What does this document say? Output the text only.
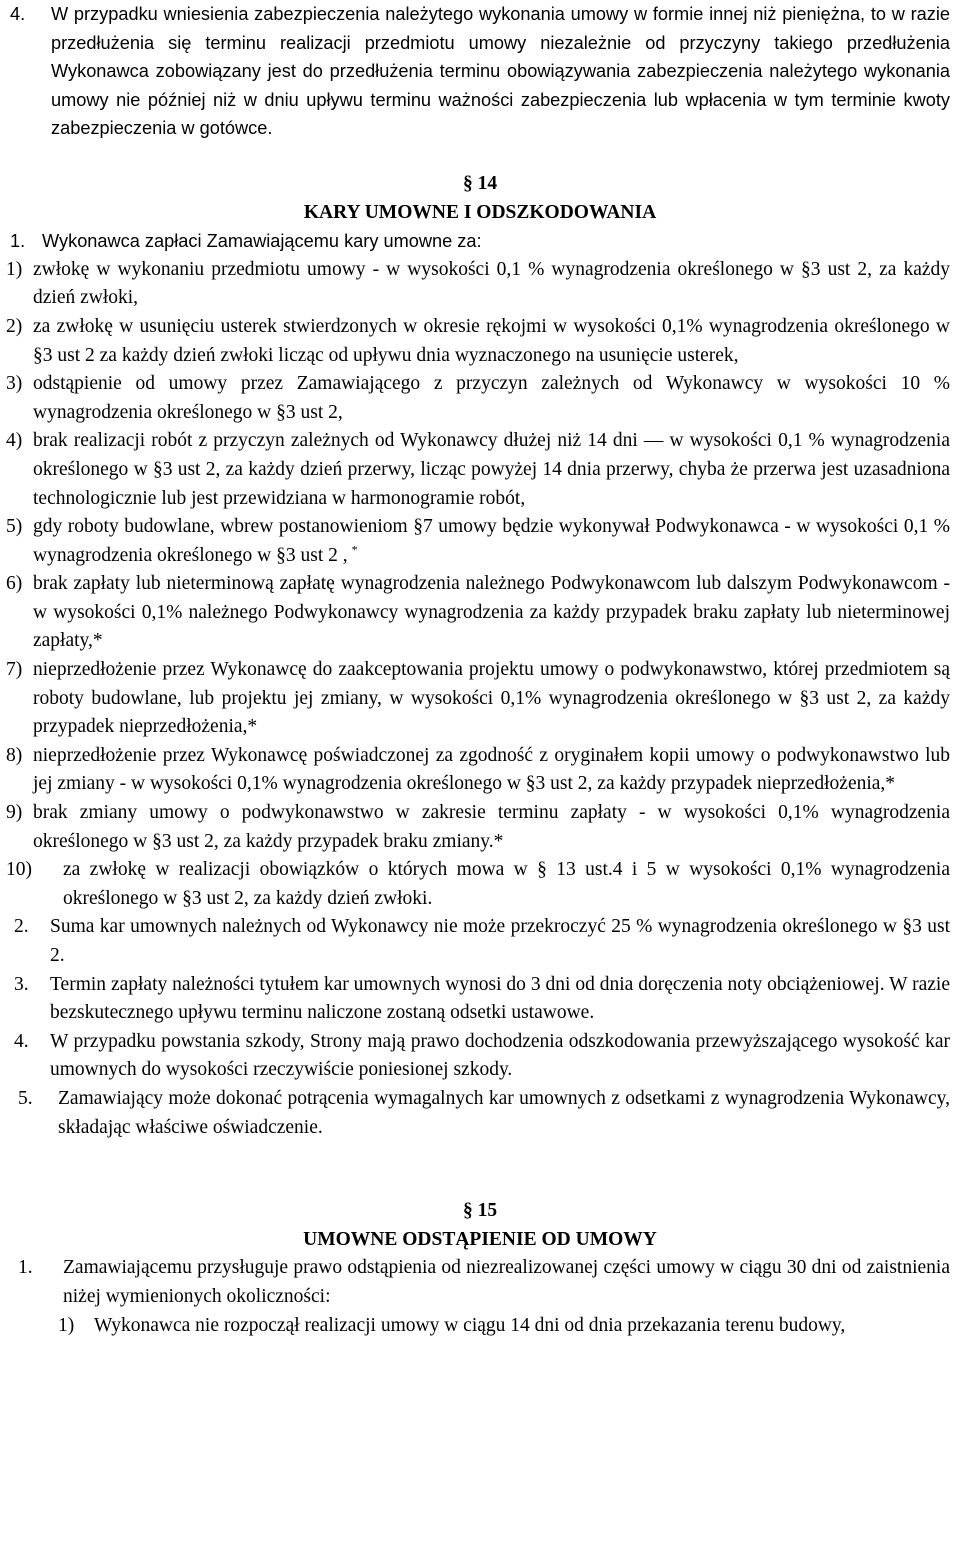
4.	W przypadku wniesienia zabezpieczenia należytego wykonania umowy w formie innej niż pieniężna, to w razie przedłużenia się terminu realizacji przedmiotu umowy niezależnie od przyczyny takiego przedłużenia Wykonawca zobowiązany jest do przedłużenia terminu obowiązywania zabezpieczenia należytego wykonania umowy nie później niż w dniu upływu terminu ważności zabezpieczenia lub wpłacenia w tym terminie kwoty zabezpieczenia w gotówce.
§ 14
KARY UMOWNE I ODSZKODOWANIA
1. Wykonawca zapłaci Zamawiającemu kary umowne za:
1) zwłokę w wykonaniu przedmiotu umowy - w wysokości 0,1 % wynagrodzenia określonego w §3 ust 2, za każdy dzień zwłoki,
2) za zwłokę w usunięciu usterek stwierdzonych w okresie rękojmi w wysokości 0,1% wynagrodzenia określonego w §3 ust 2 za każdy dzień zwłoki licząc od upływu dnia wyznaczonego na usunięcie usterek,
3) odstąpienie od umowy przez Zamawiającego z przyczyn zależnych od Wykonawcy w wysokości 10 % wynagrodzenia określonego w §3 ust 2,
4) brak realizacji robót z przyczyn zależnych od Wykonawcy dłużej niż 14 dni — w wysokości 0,1 % wynagrodzenia określonego w §3 ust 2, za każdy dzień przerwy, licząc powyżej 14 dnia przerwy, chyba że przerwa jest uzasadniona technologicznie lub jest przewidziana w harmonogramie robót,
5) gdy roboty budowlane, wbrew postanowieniom §7 umowy będzie wykonywał Podwykonawca - w wysokości 0,1 % wynagrodzenia określonego w §3 ust 2 , *
6) brak zapłaty lub nieterminową zapłatę wynagrodzenia należnego Podwykonawcom lub dalszym Podwykonawcom - w wysokości 0,1% należnego Podwykonawcy wynagrodzenia za każdy przypadek braku zapłaty lub nieterminowej zapłaty,*
7) nieprzedłożenie przez Wykonawcę do zaakceptowania projektu umowy o podwykonawstwo, której przedmiotem są roboty budowlane, lub projektu jej zmiany, w wysokości 0,1% wynagrodzenia określonego w §3 ust 2, za każdy przypadek nieprzedłożenia,*
8) nieprzedłożenie przez Wykonawcę poświadczonej za zgodność z oryginałem kopii umowy o podwykonawstwo lub jej zmiany - w wysokości 0,1% wynagrodzenia określonego w §3 ust 2, za każdy przypadek nieprzedłożenia,*
9) brak zmiany umowy o podwykonawstwo w zakresie terminu zapłaty - w wysokości 0,1% wynagrodzenia określonego w §3 ust 2, za każdy przypadek braku zmiany.*
10)	za zwłokę w realizacji obowiązków o których mowa w § 13 ust.4 i 5 w wysokości 0,1% wynagrodzenia określonego w §3 ust 2, za każdy dzień zwłoki.
2.	Suma kar umownych należnych od Wykonawcy nie może przekroczyć 25 % wynagrodzenia określonego w §3 ust 2.
3.	Termin zapłaty należności tytułem kar umownych wynosi do 3 dni od dnia doręczenia noty obciążeniowej. W razie bezskutecznego upływu terminu naliczone zostaną odsetki ustawowe.
4.	W przypadku powstania szkody, Strony mają prawo dochodzenia odszkodowania przewyższającego wysokość kar umownych do wysokości rzeczywiście poniesionej szkody.
5.	Zamawiający może dokonać potrącenia wymagalnych kar umownych z odsetkami z wynagrodzenia Wykonawcy, składając właściwe oświadczenie.
§ 15
UMOWNE ODSTĄPIENIE OD UMOWY
1.	Zamawiającemu przysługuje prawo odstąpienia od niezrealizowanej części umowy w ciągu 30 dni od zaistnienia niżej wymienionych okoliczności:
1)	Wykonawca nie rozpoczął realizacji umowy w ciągu 14 dni od dnia przekazania terenu budowy,
